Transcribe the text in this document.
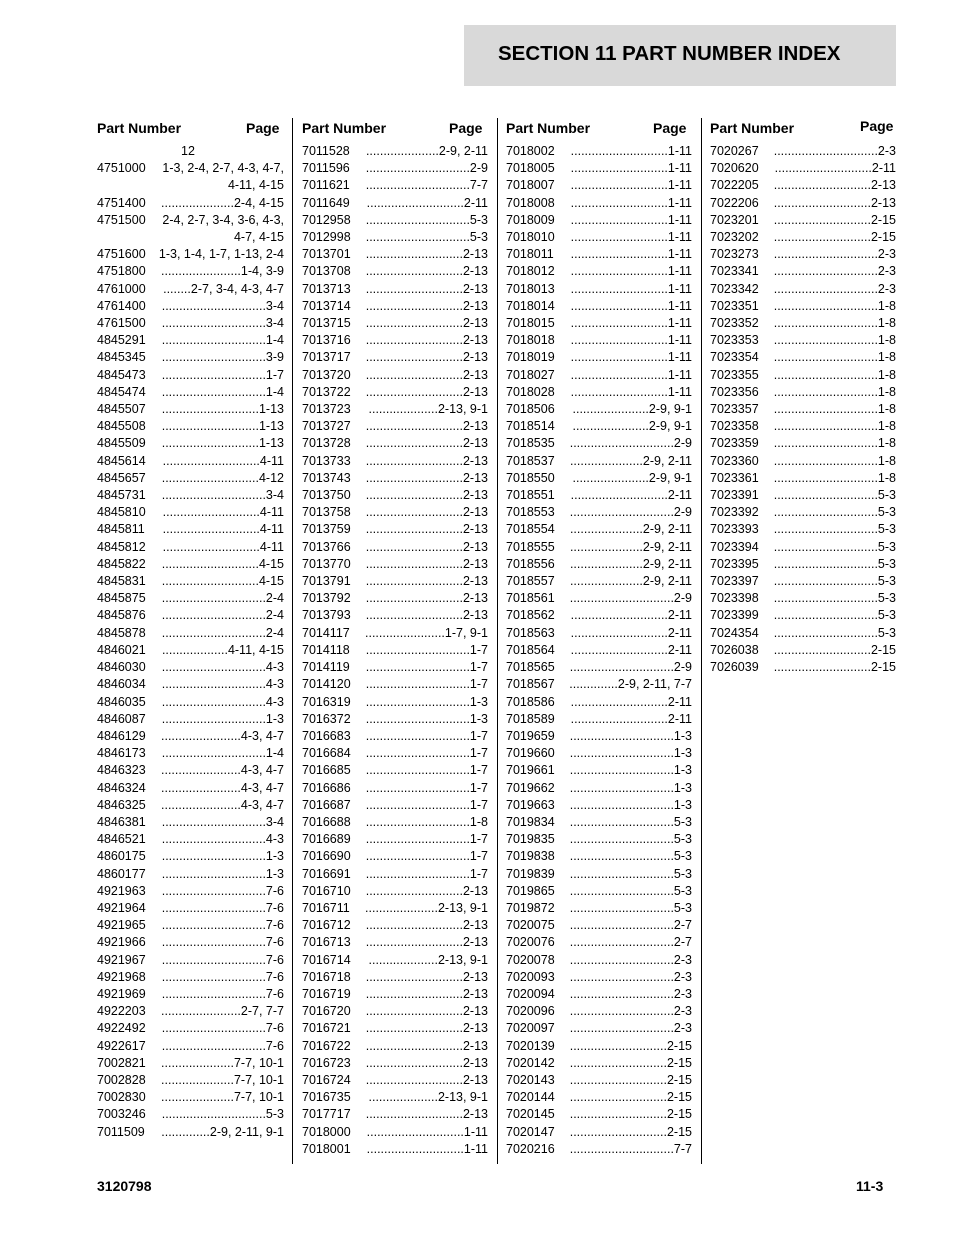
SECTION 11 PART NUMBER INDEX
Part Number	Page
12
4751000	1-3, 2-4, 2-7, 4-3, 4-7, 4-11, 4-15
4751400	.....................2-4, 4-15
4751500	2-4, 2-7, 3-4, 3-6, 4-3, 4-7, 4-15
4751600	1-3, 1-4, 1-7, 1-13, 2-4
4751800	.......................1-4, 3-9
4761000	........2-7, 3-4, 4-3, 4-7
4761400	..............................3-4
4761500	..............................3-4
4845291	..............................1-4
4845345	..............................3-9
4845473	..............................1-7
4845474	..............................1-4
4845507	............................1-13
4845508	............................1-13
4845509	............................1-13
4845614	............................4-11
4845657	............................4-12
4845731	..............................3-4
4845810	............................4-11
4845811	............................4-11
4845812	............................4-11
4845822	............................4-15
4845831	............................4-15
4845875	..............................2-4
4845876	..............................2-4
4845878	..............................2-4
4846021	...................4-11, 4-15
4846030	..............................4-3
4846034	..............................4-3
4846035	..............................4-3
4846087	..............................1-3
4846129	.......................4-3, 4-7
4846173	..............................1-4
4846323	.......................4-3, 4-7
4846324	.......................4-3, 4-7
4846325	.......................4-3, 4-7
4846381	..............................3-4
4846521	..............................4-3
4860175	..............................1-3
4860177	..............................1-3
4921963	..............................7-6
4921964	..............................7-6
4921965	..............................7-6
4921966	..............................7-6
4921967	..............................7-6
4921968	..............................7-6
4921969	..............................7-6
4922203	.......................2-7, 7-7
4922492	..............................7-6
4922617	..............................7-6
7002821	.....................7-7, 10-1
7002828	.....................7-7, 10-1
7002830	.....................7-7, 10-1
7003246	..............................5-3
7011509	..............2-9, 2-11, 9-1
Part Number	Page
7011528	.....................2-9, 2-11
7011596	..............................2-9
7011621	..............................7-7
7011649	............................2-11
7012958	..............................5-3
7012998	..............................5-3
7013701	............................2-13
7013708	............................2-13
7013713	............................2-13
7013714	............................2-13
7013715	............................2-13
7013716	............................2-13
7013717	............................2-13
7013720	............................2-13
7013722	............................2-13
7013723	....................2-13, 9-1
7013727	............................2-13
7013728	............................2-13
7013733	............................2-13
7013743	............................2-13
7013750	............................2-13
7013758	............................2-13
7013759	............................2-13
7013766	............................2-13
7013770	............................2-13
7013791	............................2-13
7013792	............................2-13
7013793	............................2-13
7014117	.......................1-7, 9-1
7014118	..............................1-7
7014119	..............................1-7
7014120	..............................1-7
7016319	..............................1-3
7016372	..............................1-3
7016683	..............................1-7
7016684	..............................1-7
7016685	..............................1-7
7016686	..............................1-7
7016687	..............................1-7
7016688	..............................1-8
7016689	..............................1-7
7016690	..............................1-7
7016691	..............................1-7
7016710	............................2-13
7016711	.....................2-13, 9-1
7016712	............................2-13
7016713	............................2-13
7016714	....................2-13, 9-1
7016718	............................2-13
7016719	............................2-13
7016720	............................2-13
7016721	............................2-13
7016722	............................2-13
7016723	............................2-13
7016724	............................2-13
7016735	....................2-13, 9-1
7017717	............................2-13
7018000	............................1-11
7018001	............................1-11
Part Number	Page
7018002	............................1-11
7018005	............................1-11
7018007	............................1-11
7018008	............................1-11
7018009	............................1-11
7018010	............................1-11
7018011	............................1-11
7018012	............................1-11
7018013	............................1-11
7018014	............................1-11
7018015	............................1-11
7018018	............................1-11
7018019	............................1-11
7018027	............................1-11
7018028	............................1-11
7018506	......................2-9, 9-1
7018514	......................2-9, 9-1
7018535	..............................2-9
7018537	.....................2-9, 2-11
7018550	......................2-9, 9-1
7018551	............................2-11
7018553	..............................2-9
7018554	.....................2-9, 2-11
7018555	.....................2-9, 2-11
7018556	.....................2-9, 2-11
7018557	.....................2-9, 2-11
7018561	..............................2-9
7018562	............................2-11
7018563	............................2-11
7018564	............................2-11
7018565	..............................2-9
7018567	..............2-9, 2-11, 7-7
7018586	............................2-11
7018589	............................2-11
7019659	..............................1-3
7019660	..............................1-3
7019661	..............................1-3
7019662	..............................1-3
7019663	..............................1-3
7019834	..............................5-3
7019835	..............................5-3
7019838	..............................5-3
7019839	..............................5-3
7019865	..............................5-3
7019872	..............................5-3
7020075	..............................2-7
7020076	..............................2-7
7020078	..............................2-3
7020093	..............................2-3
7020094	..............................2-3
7020096	..............................2-3
7020097	..............................2-3
7020139	............................2-15
7020142	............................2-15
7020143	............................2-15
7020144	............................2-15
7020145	............................2-15
7020147	............................2-15
7020216	..............................7-7
Part Number	Page
7020267	..............................2-3
7020620	............................2-11
7022205	............................2-13
7022206	............................2-13
7023201	............................2-15
7023202	............................2-15
7023273	..............................2-3
7023341	..............................2-3
7023342	..............................2-3
7023351	..............................1-8
7023352	..............................1-8
7023353	..............................1-8
7023354	..............................1-8
7023355	..............................1-8
7023356	..............................1-8
7023357	..............................1-8
7023358	..............................1-8
7023359	..............................1-8
7023360	..............................1-8
7023361	..............................1-8
7023391	..............................5-3
7023392	..............................5-3
7023393	..............................5-3
7023394	..............................5-3
7023395	..............................5-3
7023397	..............................5-3
7023398	..............................5-3
7023399	..............................5-3
7024354	..............................5-3
7026038	............................2-15
7026039	............................2-15
3120798	11-3
